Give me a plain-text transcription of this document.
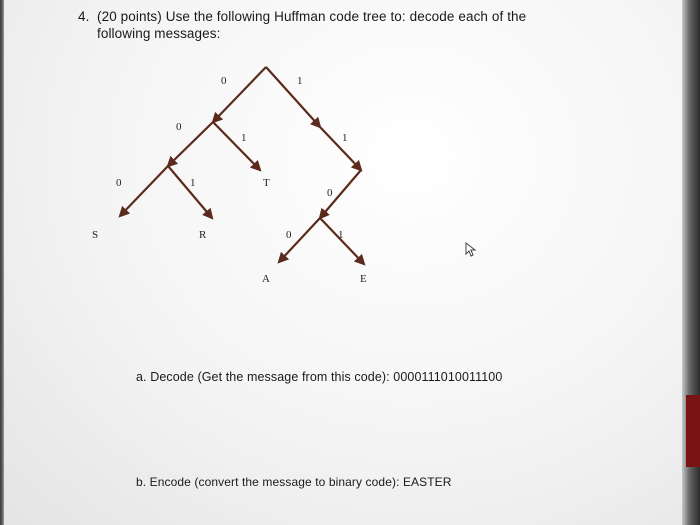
4. (20 points) Use the following Huffman code tree to: decode each of the
following messages:
0	1
0
1	1
0	1
0
0	1
S	R
T
A	E
a. Decode (Get the message from this code): 0000111010011100
b. Encode (convert the message to binary code): EASTER
